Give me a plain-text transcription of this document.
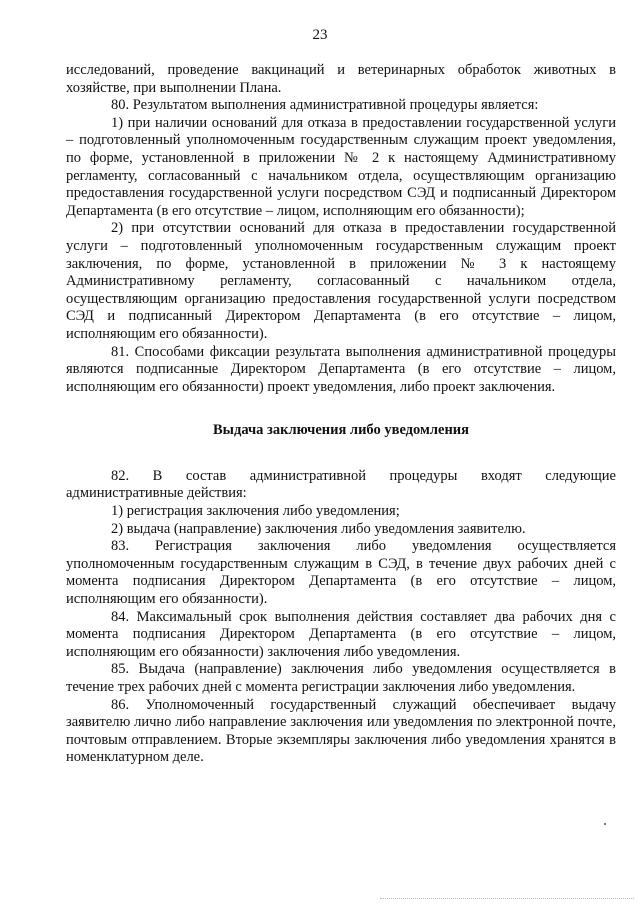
23

исследований, проведение вакцинаций и ветеринарных обработок животных в хозяйстве, при выполнении Плана.

80. Результатом выполнения административной процедуры является:

1) при наличии оснований для отказа в предоставлении государственной услуги – подготовленный уполномоченным государственным служащим проект уведомления, по форме, установленной в приложении № 2 к настоящему Административному регламенту, согласованный с начальником отдела, осуществляющим организацию предоставления государственной услуги посредством СЭД и подписанный Директором Департамента (в его отсутствие – лицом, исполняющим его обязанности);

2) при отсутствии оснований для отказа в предоставлении государственной услуги – подготовленный уполномоченным государственным служащим проект заключения, по форме, установленной в приложении № 3 к настоящему Административному регламенту, согласованный с начальником отдела, осуществляющим организацию предоставления государственной услуги посредством СЭД и подписанный Директором Департамента (в его отсутствие – лицом, исполняющим его обязанности).

81. Способами фиксации результата выполнения административной процедуры являются подписанные Директором Департамента (в его отсутствие – лицом, исполняющим его обязанности) проект уведомления, либо проект заключения.

Выдача заключения либо уведомления

82. В состав административной процедуры входят следующие административные действия:

1) регистрация заключения либо уведомления;

2) выдача (направление) заключения либо уведомления заявителю.

83. Регистрация заключения либо уведомления осуществляется уполномоченным государственным служащим в СЭД, в течение двух рабочих дней с момента подписания Директором Департамента (в его отсутствие – лицом, исполняющим его обязанности).

84. Максимальный срок выполнения действия составляет два рабочих дня с момента подписания Директором Департамента (в его отсутствие – лицом, исполняющим его обязанности) заключения либо уведомления.

85. Выдача (направление) заключения либо уведомления осуществляется в течение трех рабочих дней с момента регистрации заключения либо уведомления.

86. Уполномоченный государственный служащий обеспечивает выдачу заявителю лично либо направление заключения или уведомления по электронной почте, почтовым отправлением. Вторые экземпляры заключения либо уведомления хранятся в номенклатурном деле.
